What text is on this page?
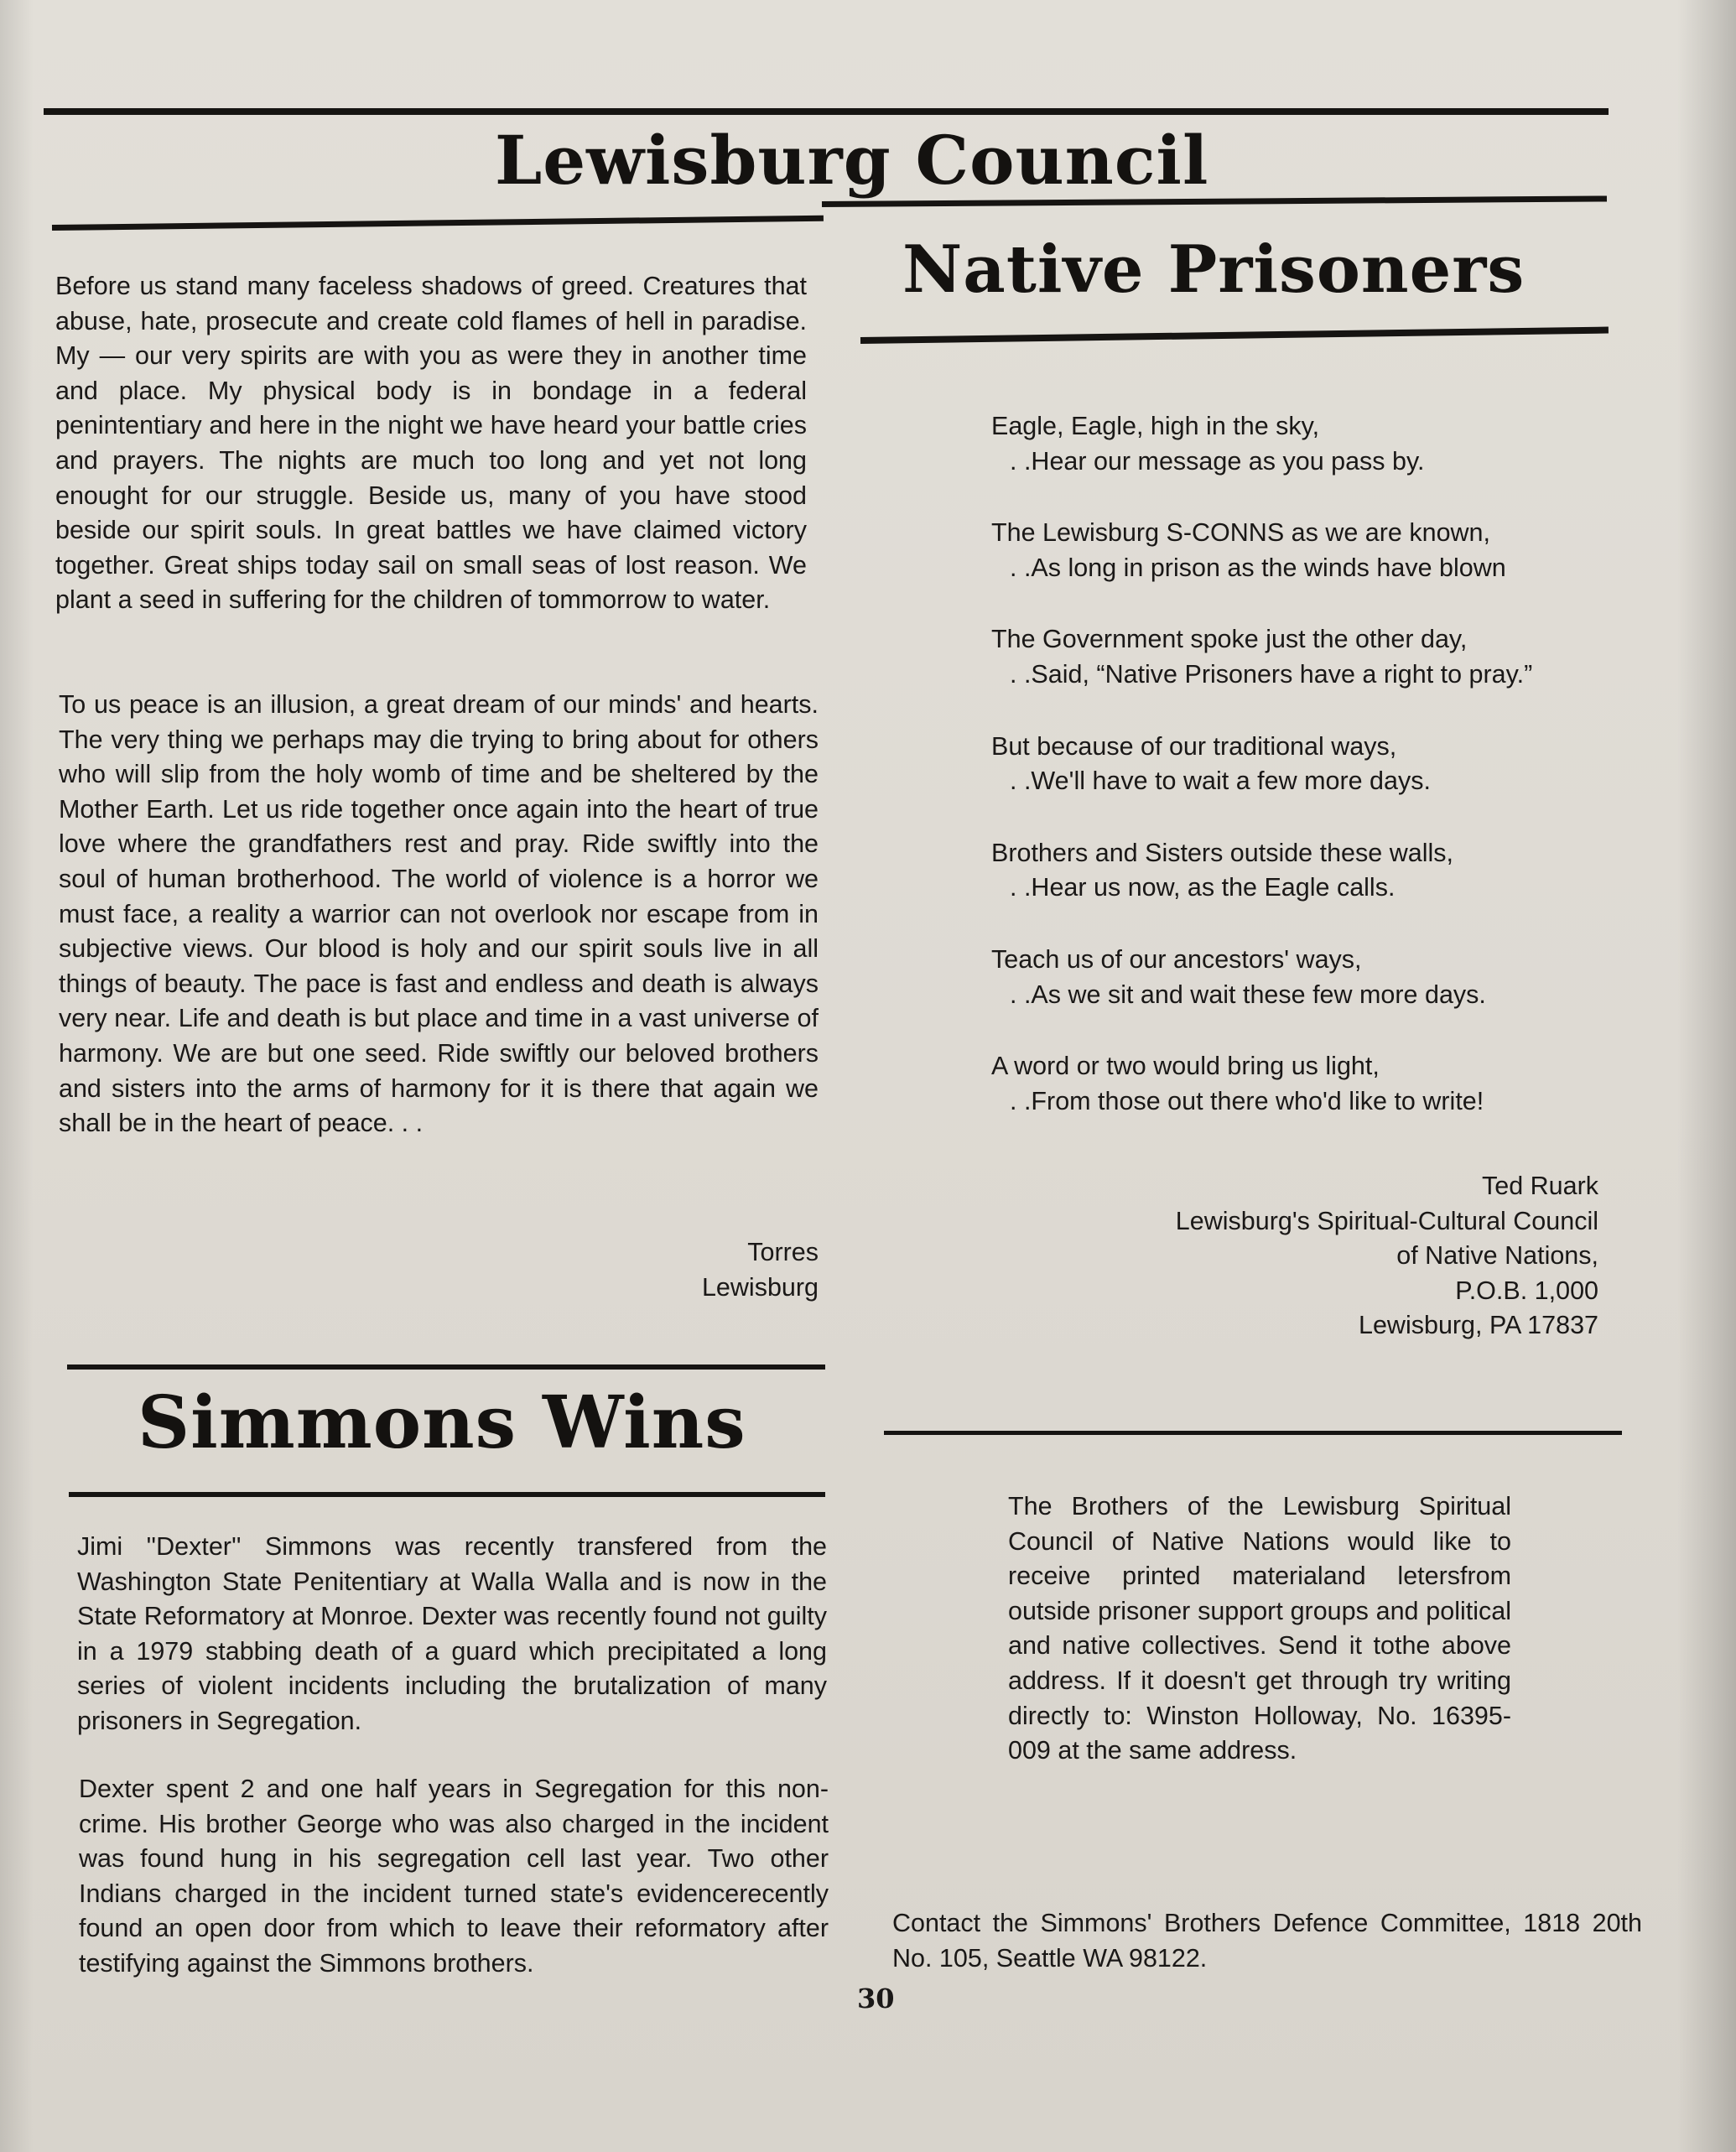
Lewisburg Council

Before us stand many faceless shadows of greed. Creatures that abuse, hate, prosecute and create cold flames of hell in paradise. My — our very spirits are with you as were they in another time and place. My physical body is in bondage in a federal penintentiary and here in the night we have heard your battle cries and prayers. The nights are much too long and yet not long enought for our struggle. Beside us, many of you have stood beside our spirit souls. In great battles we have claimed victory together. Great ships today sail on small seas of lost reason. We plant a seed in suffering for the children of tommorrow to water.

To us peace is an illusion, a great dream of our minds' and hearts. The very thing we perhaps may die trying to bring about for others who will slip from the holy womb of time and be sheltered by the Mother Earth. Let us ride together once again into the heart of true love where the grandfathers rest and pray. Ride swiftly into the soul of human brotherhood. The world of violence is a horror we must face, a reality a warrior can not overlook nor escape from in subjective views. Our blood is holy and our spirit souls live in all things of beauty. The pace is fast and endless and death is always very near. Life and death is but place and time in a vast universe of harmony. We are but one seed. Ride swiftly our beloved brothers and sisters into the arms of harmony for it is there that again we shall be in the heart of peace. . .

Torres
Lewisburg
Native Prisoners
Eagle, Eagle, high in the sky,
. .Hear our message as you pass by.
The Lewisburg S-CONNS as we are known,
. .As long in prison as the winds have blown
The Government spoke just the other day,
. .Said, “Native Prisoners have a right to pray.”
But because of our traditional ways,
. .We'll have to wait a few more days.
Brothers and Sisters outside these walls,
. .Hear us now, as the Eagle calls.
Teach us of our ancestors' ways,
. .As we sit and wait these few more days.
A word or two would bring us light,
. .From those out there who'd like to write!
Ted Ruark
Lewisburg's Spiritual-Cultural Council
of Native Nations,
P.O.B. 1,000
Lewisburg, PA 17837

The Brothers of the Lewisburg Spiritual Council of Native Nations would like to receive printed materialand letersfrom outside prisoner support groups and political and native collectives. Send it tothe above address. If it doesn't get through try writing directly to: Winston Holloway, No. 16395-009 at the same address.

Contact the Simmons' Brothers Defence Committee, 1818 20th No. 105, Seattle WA 98122.

Simmons Wins

Jimi ''Dexter'' Simmons was recently transfered from the Washington State Penitentiary at Walla Walla and is now in the State Reformatory at Monroe. Dexter was recently found not guilty in a 1979 stabbing death of a guard which precipitated a long series of violent incidents including the brutalization of many prisoners in Segregation.

Dexter spent 2 and one half years in Segregation for this non-crime. His brother George who was also charged in the incident was found hung in his segregation cell last year. Two other Indians charged in the incident turned state's evidencerecently found an open door from which to leave their reformatory after testifying against the Simmons brothers.

30
